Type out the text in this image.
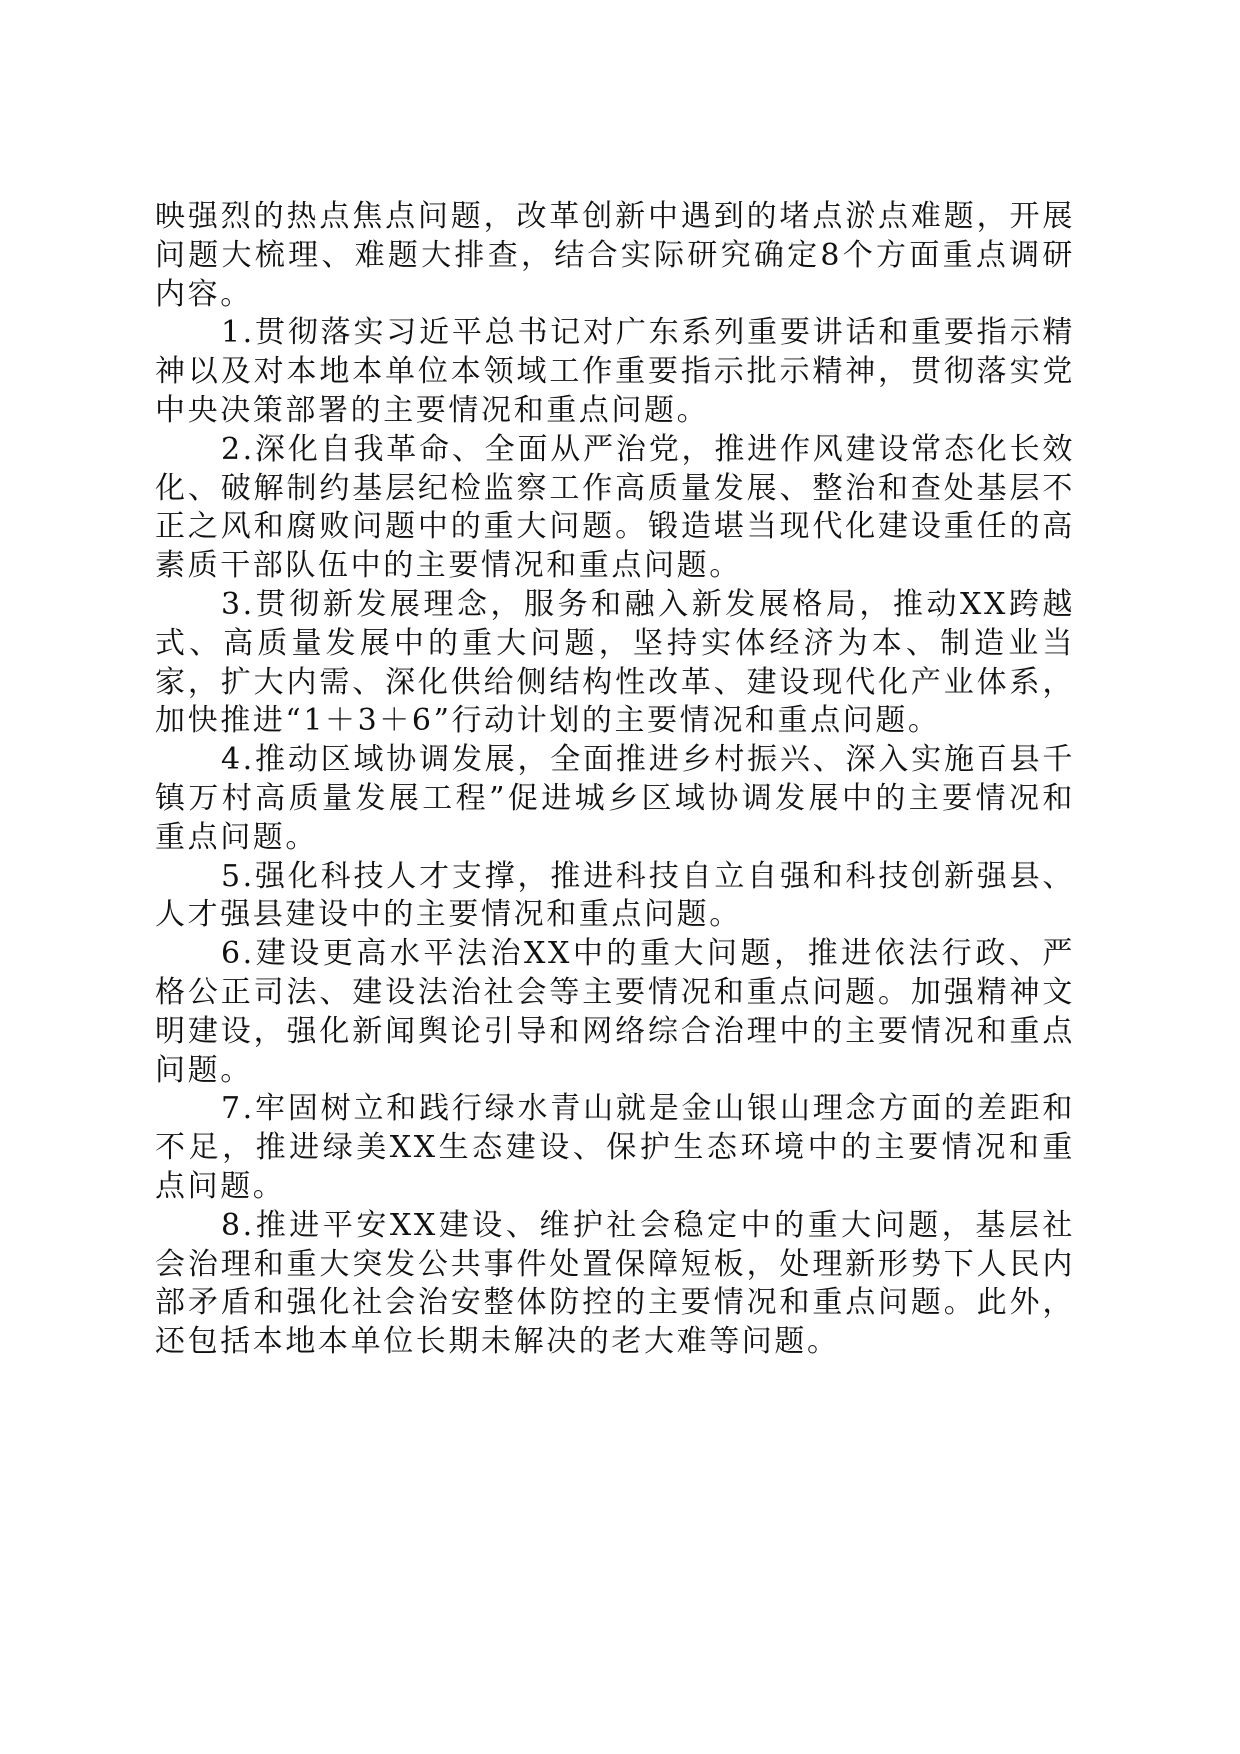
映强烈的热点焦点问题，改革创新中遇到的堵点淤点难题，开展问题大梳理、难题大排查，结合实际研究确定8个方面重点调研内容。

1.贯彻落实习近平总书记对广东系列重要讲话和重要指示精神以及对本地本单位本领域工作重要指示批示精神，贯彻落实党中央决策部署的主要情况和重点问题。

2.深化自我革命、全面从严治党，推进作风建设常态化长效化、破解制约基层纪检监察工作高质量发展、整治和查处基层不正之风和腐败问题中的重大问题。锻造堪当现代化建设重任的高素质干部队伍中的主要情况和重点问题。

3.贯彻新发展理念，服务和融入新发展格局，推动XX跨越式、高质量发展中的重大问题，坚持实体经济为本、制造业当家，扩大内需、深化供给侧结构性改革、建设现代化产业体系，加快推进“1＋3＋6”行动计划的主要情况和重点问题。

4.推动区域协调发展，全面推进乡村振兴、深入实施百县千镇万村高质量发展工程”促进城乡区域协调发展中的主要情况和重点问题。

5.强化科技人才支撑，推进科技自立自强和科技创新强县、人才强县建设中的主要情况和重点问题。

6.建设更高水平法治XX中的重大问题，推进依法行政、严格公正司法、建设法治社会等主要情况和重点问题。加强精神文明建设，强化新闻舆论引导和网络综合治理中的主要情况和重点问题。

7.牢固树立和践行绿水青山就是金山银山理念方面的差距和不足，推进绿美XX生态建设、保护生态环境中的主要情况和重点问题。

8.推进平安XX建设、维护社会稳定中的重大问题，基层社会治理和重大突发公共事件处置保障短板，处理新形势下人民内部矛盾和强化社会治安整体防控的主要情况和重点问题。此外，还包括本地本单位长期未解决的老大难等问题。
